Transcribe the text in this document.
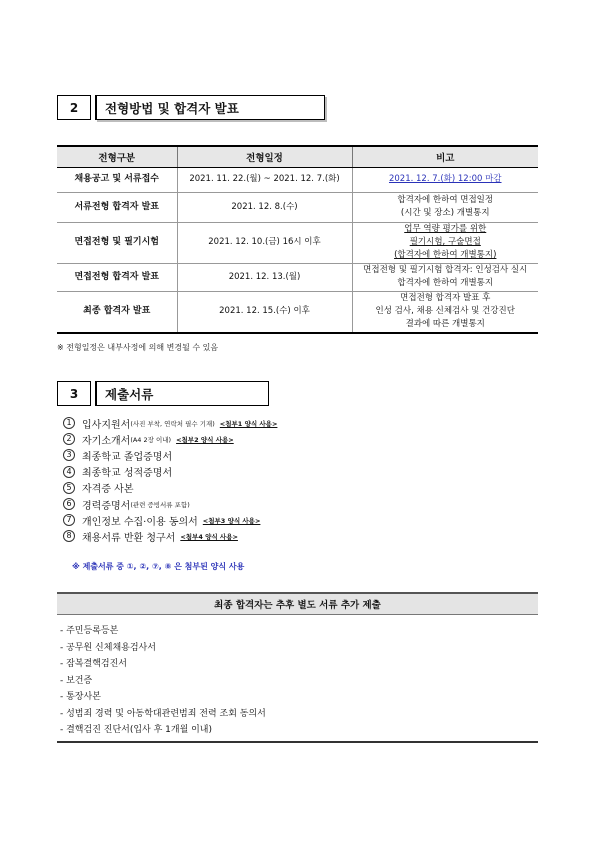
2	전형방법 및 합격자 발표
전형구분	전형일정	비고
채용공고 및 서류접수	2021. 11. 22.(월) ~ 2021. 12. 7.(화)	2021. 12. 7.(화) 12:00 마감
서류전형 합격자 발표	2021. 12. 8.(수)	합격자에 한하여 면접일정
(시간 및 장소) 개별통지

면접전형 및 필기시험	2021. 12. 10.(금) 16시 이후	업무 역량 평가를 위한
필기시험, 구술면접
(합격자에 한하여 개별통지)

면접전형 합격자 발표	2021. 12. 13.(월)	면접전형 및 필기시험 합격자: 인성검사 실시
합격자에 한하여 개별통지

최종 합격자 발표	2021. 12. 15.(수) 이후	면접전형 합격자 발표 후
인성 검사, 채용 신체검사 및 건강진단
결과에 따른 개별통지
※ 전형일정은 내부사정에 의해 변경될 수 있음
3	제출서류
1	입사지원서 (사진 부착, 연락처 필수 기재) <첨부1 양식 사용>
2	자기소개서 (A4 2장 이내) <첨부2 양식 사용>
3	최종학교 졸업증명서
4	최종학교 성적증명서
5	자격증 사본
6	경력증명서 (관련 증빙서류 포함)
7	개인정보 수집·이용 동의서 <첨부3 양식 사용>
8	채용서류 반환 청구서 <첨부4 양식 사용>
※ 제출서류 중 ①, ②, ⑦, ⑧ 은 첨부된 양식 사용
최종 합격자는 추후 별도 서류 추가 제출
- 주민등록등본
- 공무원 신체채용검사서
- 잠복결핵검진서
- 보건증
- 통장사본
- 성범죄 경력 및 아동학대관련범죄 전력 조회 동의서
- 결핵검진 진단서(입사 후 1개월 이내)
